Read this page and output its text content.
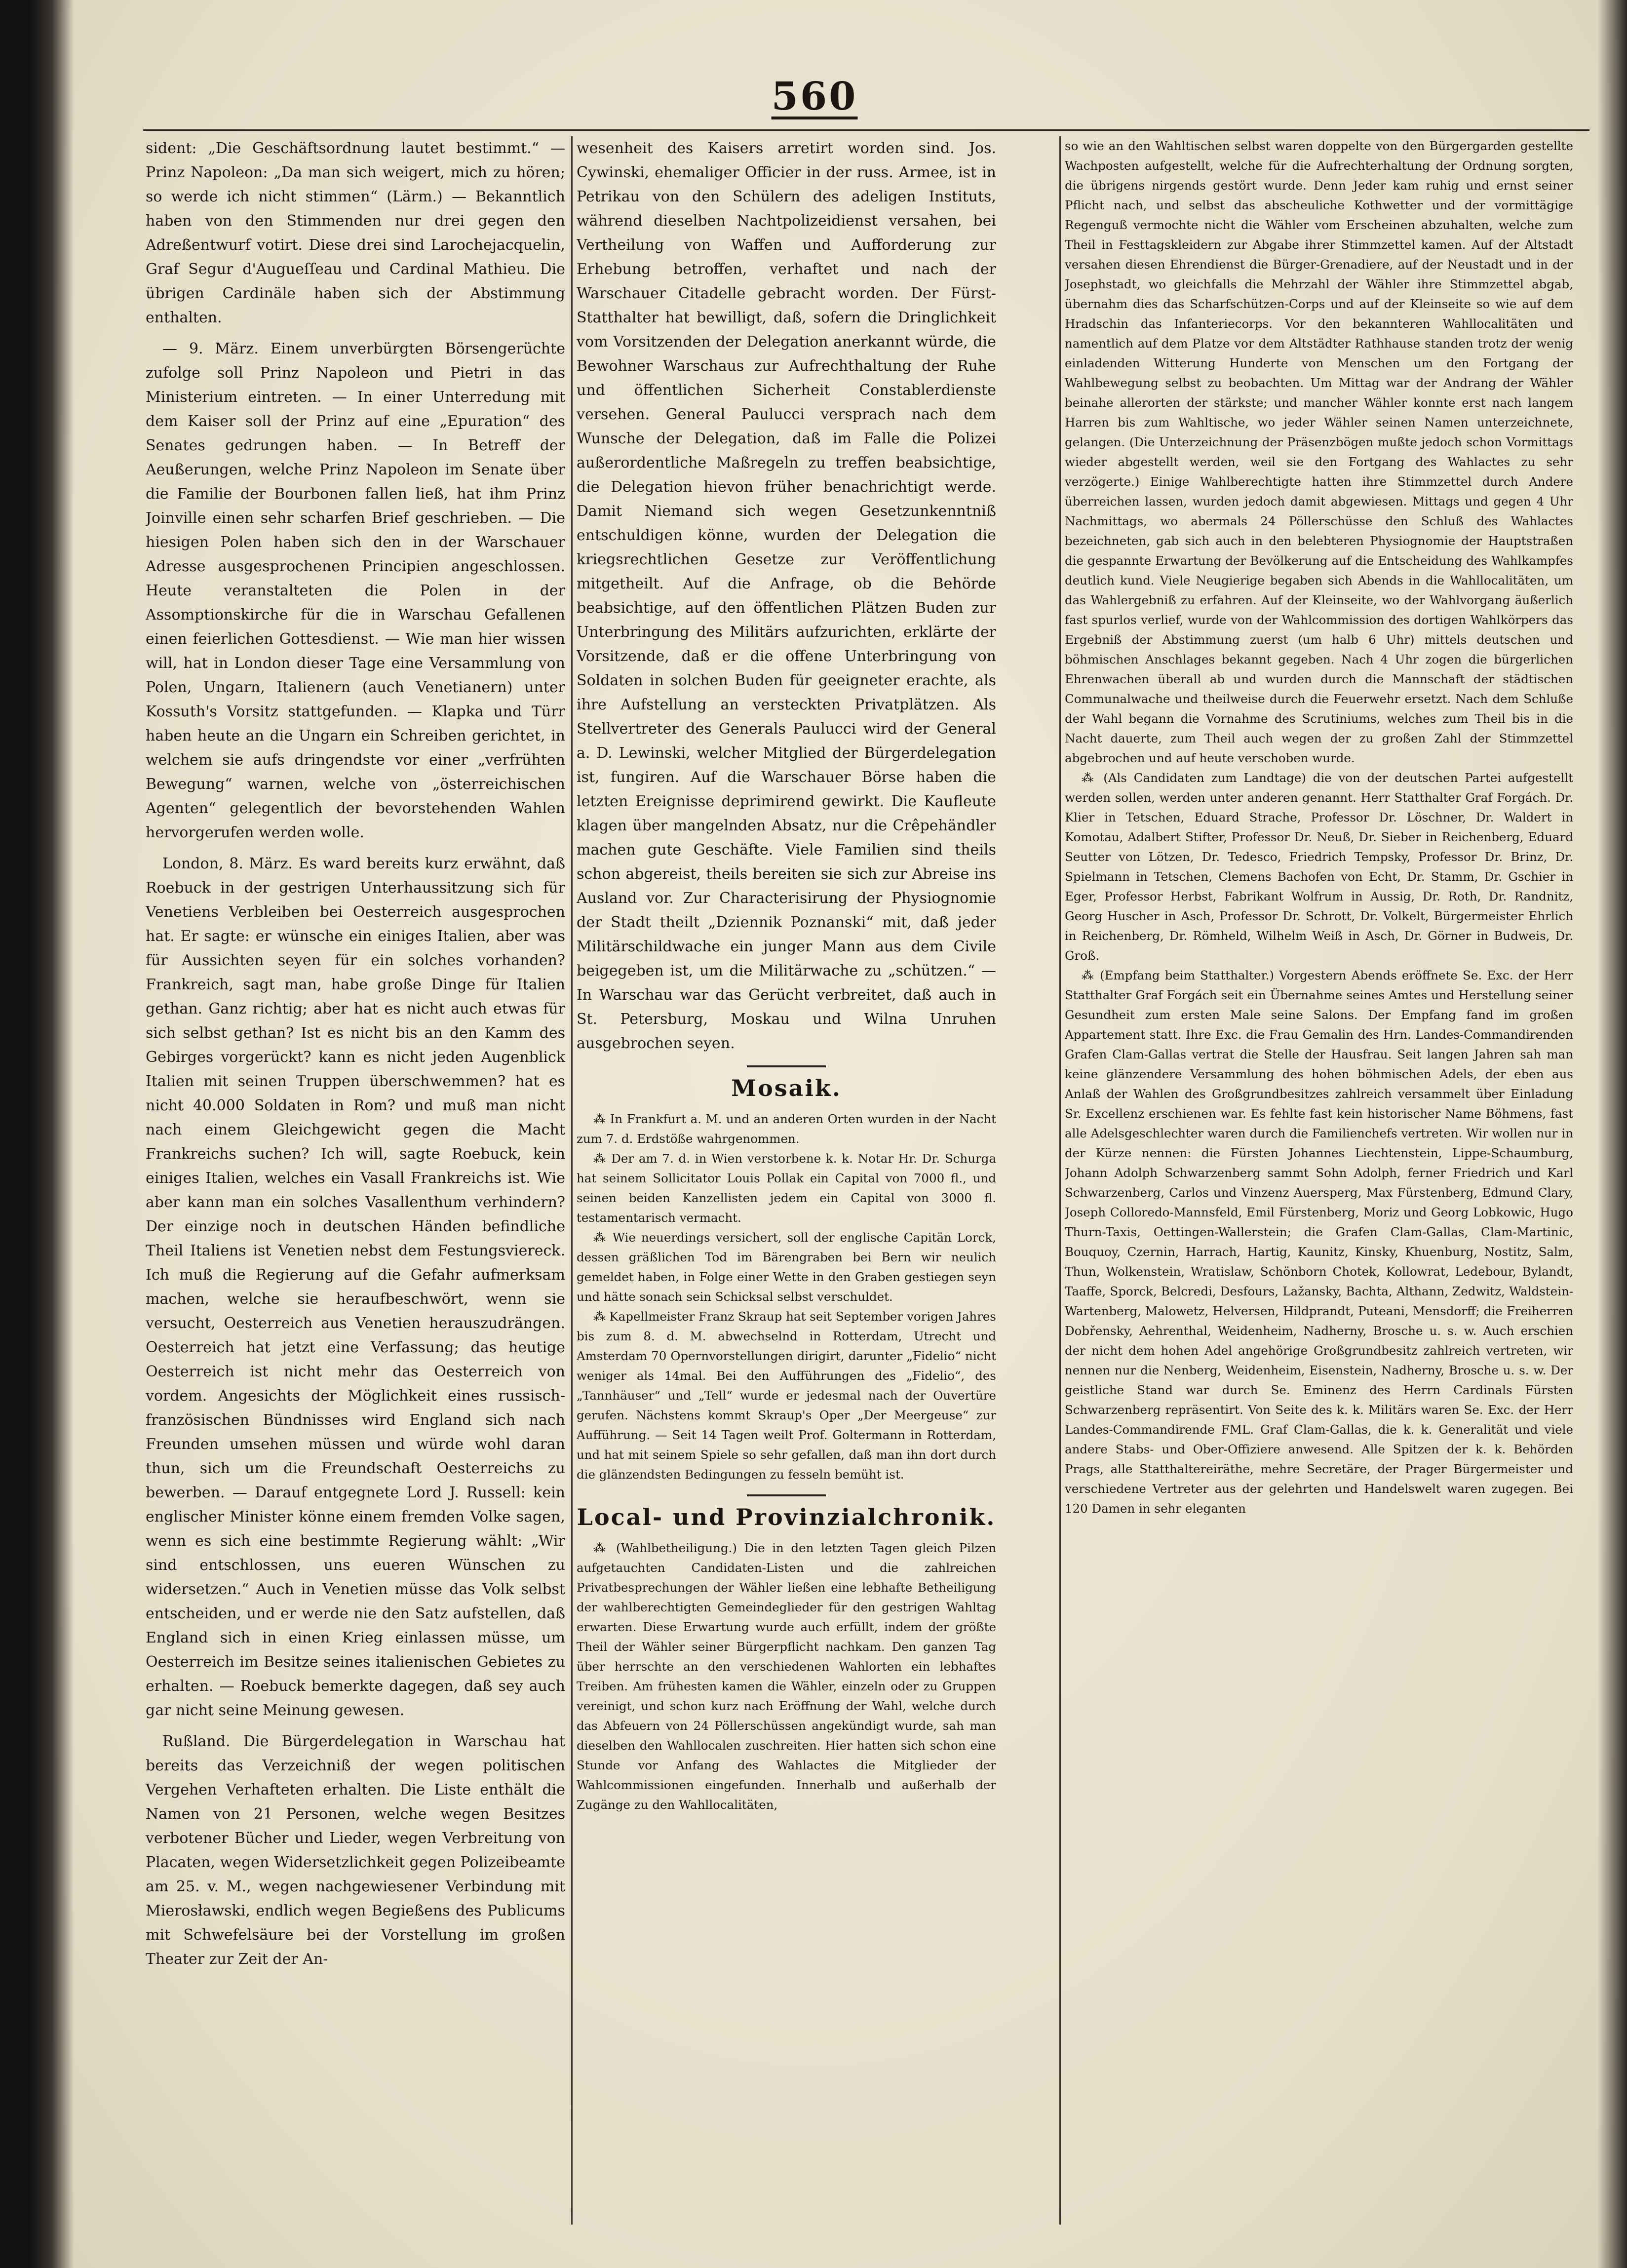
560

sident: „Die Geschäftsordnung lautet bestimmt.“ — Prinz Napoleon: „Da man sich weigert, mich zu hören; so werde ich nicht stimmen“ (Lärm.) — Bekanntlich haben von den Stimmenden nur drei gegen den Adreßentwurf votirt. Diese drei sind Larochejacquelin, Graf Segur d'Augueſſeau und Cardinal Mathieu. Die übrigen Cardinäle haben sich der Abstimmung enthalten.

— 9. März. Einem unverbürgten Börsengerüchte zufolge soll Prinz Napoleon und Pietri in das Ministerium eintreten. — In einer Unterredung mit dem Kaiser soll der Prinz auf eine „Epuration“ des Senates gedrungen haben. — In Betreff der Aeußerungen, welche Prinz Napoleon im Senate über die Familie der Bourbonen fallen ließ, hat ihm Prinz Joinville einen sehr scharfen Brief geschrieben. — Die hiesigen Polen haben sich den in der Warschauer Adresse ausgesprochenen Principien angeschlossen. Heute veranstalteten die Polen in der Assomptionskirche für die in Warschau Gefallenen einen feierlichen Gottesdienst. — Wie man hier wissen will, hat in London dieser Tage eine Versammlung von Polen, Ungarn, Italienern (auch Venetianern) unter Kossuth's Vorsitz stattgefunden. — Klapka und Türr haben heute an die Ungarn ein Schreiben gerichtet, in welchem sie aufs dringendste vor einer „verfrühten Bewegung“ warnen, welche von „österreichischen Agenten“ gelegentlich der bevorstehenden Wahlen hervorgerufen werden wolle.

London, 8. März. Es ward bereits kurz erwähnt, daß Roebuck in der gestrigen Unterhaussitzung sich für Venetiens Verbleiben bei Oesterreich ausgesprochen hat. Er sagte: er wünsche ein einiges Italien, aber was für Aussichten seyen für ein solches vorhanden? Frankreich, sagt man, habe große Dinge für Italien gethan. Ganz richtig; aber hat es nicht auch etwas für sich selbst gethan? Ist es nicht bis an den Kamm des Gebirges vorgerückt? kann es nicht jeden Augenblick Italien mit seinen Truppen überschwemmen? hat es nicht 40.000 Soldaten in Rom? und muß man nicht nach einem Gleichgewicht gegen die Macht Frankreichs suchen? Ich will, sagte Roebuck, kein einiges Italien, welches ein Vasall Frankreichs ist. Wie aber kann man ein solches Vasallenthum verhindern? Der einzige noch in deutschen Händen befindliche Theil Italiens ist Venetien nebst dem Festungsviereck. Ich muß die Regierung auf die Gefahr aufmerksam machen, welche sie heraufbeschwört, wenn sie versucht, Oesterreich aus Venetien herauszudrängen. Oesterreich hat jetzt eine Verfassung; das heutige Oesterreich ist nicht mehr das Oesterreich von vordem. Angesichts der Möglichkeit eines russisch-französischen Bündnisses wird England sich nach Freunden umsehen müssen und würde wohl daran thun, sich um die Freundschaft Oesterreichs zu bewerben. — Darauf entgegnete Lord J. Russell: kein englischer Minister könne einem fremden Volke sagen, wenn es sich eine bestimmte Regierung wählt: „Wir sind entschlossen, uns eueren Wünschen zu widersetzen.“ Auch in Venetien müsse das Volk selbst entscheiden, und er werde nie den Satz aufstellen, daß England sich in einen Krieg einlassen müsse, um Oesterreich im Besitze seines italienischen Gebietes zu erhalten. — Roebuck bemerkte dagegen, daß sey auch gar nicht seine Meinung gewesen.

Rußland. Die Bürgerdelegation in Warschau hat bereits das Verzeichniß der wegen politischen Vergehen Verhafteten erhalten. Die Liste enthält die Namen von 21 Personen, welche wegen Besitzes verbotener Bücher und Lieder, wegen Verbreitung von Placaten, wegen Widersetzlichkeit gegen Polizeibeamte am 25. v. M., wegen nachgewiesener Verbindung mit Mierosławski, endlich wegen Begießens des Publicums mit Schwefelsäure bei der Vorstellung im großen Theater zur Zeit der An-

wesenheit des Kaisers arretirt worden sind. Jos. Cywinski, ehemaliger Officier in der russ. Armee, ist in Petrikau von den Schülern des adeligen Instituts, während dieselben Nachtpolizeidienst versahen, bei Vertheilung von Waffen und Aufforderung zur Erhebung betroffen, verhaftet und nach der Warschauer Citadelle gebracht worden. Der Fürst-Statthalter hat bewilligt, daß, sofern die Dringlichkeit vom Vorsitzenden der Delegation anerkannt würde, die Bewohner Warschaus zur Aufrechthaltung der Ruhe und öffentlichen Sicherheit Constablerdienste versehen. General Paulucci versprach nach dem Wunsche der Delegation, daß im Falle die Polizei außerordentliche Maßregeln zu treffen beabsichtige, die Delegation hievon früher benachrichtigt werde. Damit Niemand sich wegen Gesetzunkenntniß entschuldigen könne, wurden der Delegation die kriegsrechtlichen Gesetze zur Veröffentlichung mitgetheilt. Auf die Anfrage, ob die Behörde beabsichtige, auf den öffentlichen Plätzen Buden zur Unterbringung des Militärs aufzurichten, erklärte der Vorsitzende, daß er die offene Unterbringung von Soldaten in solchen Buden für geeigneter erachte, als ihre Aufstellung an versteckten Privatplätzen. Als Stellvertreter des Generals Paulucci wird der General a. D. Lewinski, welcher Mitglied der Bürgerdelegation ist, fungiren. Auf die Warschauer Börse haben die letzten Ereignisse deprimirend gewirkt. Die Kaufleute klagen über mangelnden Absatz, nur die Crêpehändler machen gute Geschäfte. Viele Familien sind theils schon abgereist, theils bereiten sie sich zur Abreise ins Ausland vor. Zur Characterisirung der Physiognomie der Stadt theilt „Dziennik Poznanski“ mit, daß jeder Militärschildwache ein junger Mann aus dem Civile beigegeben ist, um die Militärwache zu „schützen.“ — In Warschau war das Gerücht verbreitet, daß auch in St. Petersburg, Moskau und Wilna Unruhen ausgebrochen seyen.

Mosaik.

⁂ In Frankfurt a. M. und an anderen Orten wurden in der Nacht zum 7. d. Erdstöße wahrgenommen.

⁂ Der am 7. d. in Wien verstorbene k. k. Notar Hr. Dr. Schurga hat seinem Sollicitator Louis Pollak ein Capital von 7000 fl., und seinen beiden Kanzellisten jedem ein Capital von 3000 fl. testamentarisch vermacht.

⁂ Wie neuerdings versichert, soll der englische Capitän Lorck, dessen gräßlichen Tod im Bärengraben bei Bern wir neulich gemeldet haben, in Folge einer Wette in den Graben gestiegen seyn und hätte sonach sein Schicksal selbst verschuldet.

⁂ Kapellmeister Franz Skraup hat seit September vorigen Jahres bis zum 8. d. M. abwechselnd in Rotterdam, Utrecht und Amsterdam 70 Opernvorstellungen dirigirt, darunter „Fidelio“ nicht weniger als 14mal. Bei den Aufführungen des „Fidelio“, des „Tannhäuser“ und „Tell“ wurde er jedesmal nach der Ouvertüre gerufen. Nächstens kommt Skraup's Oper „Der Meergeuse“ zur Aufführung. — Seit 14 Tagen weilt Prof. Goltermann in Rotterdam, und hat mit seinem Spiele so sehr gefallen, daß man ihn dort durch die glänzendsten Bedingungen zu fesseln bemüht ist.

Local- und Provinzialchronik.

⁂ (Wahlbetheiligung.) Die in den letzten Tagen gleich Pilzen aufgetauchten Candidaten-Listen und die zahlreichen Privatbesprechungen der Wähler ließen eine lebhafte Betheiligung der wahlberechtigten Gemeindeglieder für den gestrigen Wahltag erwarten. Diese Erwartung wurde auch erfüllt, indem der größte Theil der Wähler seiner Bürgerpflicht nachkam. Den ganzen Tag über herrschte an den verschiedenen Wahlorten ein lebhaftes Treiben. Am frühesten kamen die Wähler, einzeln oder zu Gruppen vereinigt, und schon kurz nach Eröffnung der Wahl, welche durch das Abfeuern von 24 Pöllerschüssen angekündigt wurde, sah man dieselben den Wahllocalen zuschreiten. Hier hatten sich schon eine Stunde vor Anfang des Wahlactes die Mitglieder der Wahlcommissionen eingefunden. Innerhalb und außerhalb der Zugänge zu den Wahllocalitäten,

so wie an den Wahltischen selbst waren doppelte von den Bürgergarden gestellte Wachposten aufgestellt, welche für die Aufrechterhaltung der Ordnung sorgten, die übrigens nirgends gestört wurde. Denn Jeder kam ruhig und ernst seiner Pflicht nach, und selbst das abscheuliche Kothwetter und der vormittägige Regenguß vermochte nicht die Wähler vom Erscheinen abzuhalten, welche zum Theil in Festtagskleidern zur Abgabe ihrer Stimmzettel kamen. Auf der Altstadt versahen diesen Ehrendienst die Bürger-Grenadiere, auf der Neustadt und in der Josephstadt, wo gleichfalls die Mehrzahl der Wähler ihre Stimmzettel abgab, übernahm dies das Scharfschützen-Corps und auf der Kleinseite so wie auf dem Hradschin das Infanteriecorps. Vor den bekannteren Wahllocalitäten und namentlich auf dem Platze vor dem Altstädter Rathhause standen trotz der wenig einladenden Witterung Hunderte von Menschen um den Fortgang der Wahlbewegung selbst zu beobachten. Um Mittag war der Andrang der Wähler beinahe allerorten der stärkste; und mancher Wähler konnte erst nach langem Harren bis zum Wahltische, wo jeder Wähler seinen Namen unterzeichnete, gelangen. (Die Unterzeichnung der Präsenzbögen mußte jedoch schon Vormittags wieder abgestellt werden, weil sie den Fortgang des Wahlactes zu sehr verzögerte.) Einige Wahlberechtigte hatten ihre Stimmzettel durch Andere überreichen lassen, wurden jedoch damit abgewiesen. Mittags und gegen 4 Uhr Nachmittags, wo abermals 24 Pöllerschüsse den Schluß des Wahlactes bezeichneten, gab sich auch in den belebteren Physiognomie der Hauptstraßen die gespannte Erwartung der Bevölkerung auf die Entscheidung des Wahlkampfes deutlich kund. Viele Neugierige begaben sich Abends in die Wahllocalitäten, um das Wahlergebniß zu erfahren. Auf der Kleinseite, wo der Wahlvorgang äußerlich fast spurlos verlief, wurde von der Wahlcommission des dortigen Wahlkörpers das Ergebniß der Abstimmung zuerst (um halb 6 Uhr) mittels deutschen und böhmischen Anschlages bekannt gegeben. Nach 4 Uhr zogen die bürgerlichen Ehrenwachen überall ab und wurden durch die Mannschaft der städtischen Communalwache und theilweise durch die Feuerwehr ersetzt. Nach dem Schluße der Wahl begann die Vornahme des Scrutiniums, welches zum Theil bis in die Nacht dauerte, zum Theil auch wegen der zu großen Zahl der Stimmzettel abgebrochen und auf heute verschoben wurde.

⁂ (Als Candidaten zum Landtage) die von der deutschen Partei aufgestellt werden sollen, werden unter anderen genannt. Herr Statthalter Graf Forgách. Dr. Klier in Tetschen, Eduard Strache, Professor Dr. Löschner, Dr. Waldert in Komotau, Adalbert Stifter, Professor Dr. Neuß, Dr. Sieber in Reichenberg, Eduard Seutter von Lötzen, Dr. Tedesco, Friedrich Tempsky, Professor Dr. Brinz, Dr. Spielmann in Tetschen, Clemens Bachofen von Echt, Dr. Stamm, Dr. Gschier in Eger, Professor Herbst, Fabrikant Wolfrum in Aussig, Dr. Roth, Dr. Randnitz, Georg Huscher in Asch, Professor Dr. Schrott, Dr. Volkelt, Bürgermeister Ehrlich in Reichenberg, Dr. Römheld, Wilhelm Weiß in Asch, Dr. Görner in Budweis, Dr. Groß.

⁂ (Empfang beim Statthalter.) Vorgestern Abends eröffnete Se. Exc. der Herr Statthalter Graf Forgách seit ein Übernahme seines Amtes und Herstellung seiner Gesundheit zum ersten Male seine Salons. Der Empfang fand im großen Appartement statt. Ihre Exc. die Frau Gemalin des Hrn. Landes-Commandirenden Grafen Clam-Gallas vertrat die Stelle der Hausfrau. Seit langen Jahren sah man keine glänzendere Versammlung des hohen böhmischen Adels, der eben aus Anlaß der Wahlen des Großgrundbesitzes zahlreich versammelt über Einladung Sr. Excellenz erschienen war. Es fehlte fast kein historischer Name Böhmens, fast alle Adelsgeschlechter waren durch die Familienchefs vertreten. Wir wollen nur in der Kürze nennen: die Fürsten Johannes Liechtenstein, Lippe-Schaumburg, Johann Adolph Schwarzenberg sammt Sohn Adolph, ferner Friedrich und Karl Schwarzenberg, Carlos und Vinzenz Auersperg, Max Fürstenberg, Edmund Clary, Joseph Colloredo-Mannsfeld, Emil Fürstenberg, Moriz und Georg Lobkowic, Hugo Thurn-Taxis, Oettingen-Wallerstein; die Grafen Clam-Gallas, Clam-Martinic, Bouquoy, Czernin, Harrach, Hartig, Kaunitz, Kinsky, Khuenburg, Nostitz, Salm, Thun, Wolkenstein, Wratislaw, Schönborn Chotek, Kollowrat, Ledebour, Bylandt, Taaffe, Sporck, Belcredi, Desfours, Lažansky, Bachta, Althann, Zedwitz, Waldstein-Wartenberg, Malowetz, Helversen, Hildprandt, Puteani, Mensdorff; die Freiherren Dobřensky, Aehrenthal, Weidenheim, Nadherny, Brosche u. s. w. Auch erschien der nicht dem hohen Adel angehörige Großgrundbesitz zahlreich vertreten, wir nennen nur die Nenberg, Weidenheim, Eisenstein, Nadherny, Brosche u. s. w. Der geistliche Stand war durch Se. Eminenz des Herrn Cardinals Fürsten Schwarzenberg repräsentirt. Von Seite des k. k. Militärs waren Se. Exc. der Herr Landes-Commandirende FML. Graf Clam-Gallas, die k. k. Generalität und viele andere Stabs- und Ober-Offiziere anwesend. Alle Spitzen der k. k. Behörden Prags, alle Statthaltereiräthe, mehre Secretäre, der Prager Bürgermeister und verschiedene Vertreter aus der gelehrten und Handelswelt waren zugegen. Bei 120 Damen in sehr eleganten
